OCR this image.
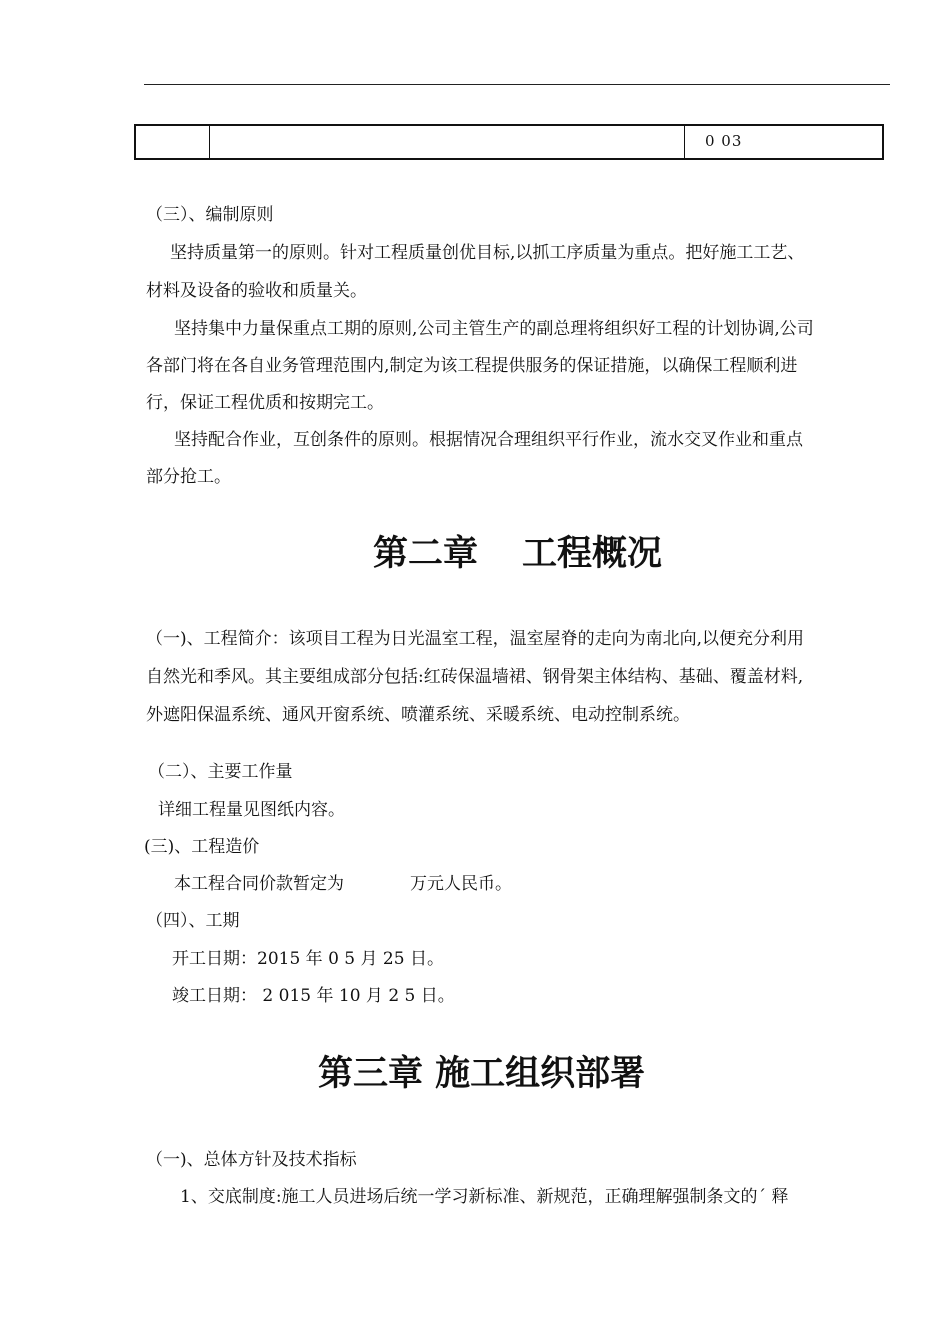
0 03
（三）、编制原则
坚持质量第一的原则。针对工程质量创优目标,以抓工序质量为重点。把好施工工艺、
材料及设备的验收和质量关。
坚持集中力量保重点工期的原则,公司主管生产的副总理将组织好工程的计划协调,公司
各部门将在各自业务管理范围内,制定为该工程提供服务的保证措施，以确保工程顺利进
行，保证工程优质和按期完工。
坚持配合作业，互创条件的原则。根据情况合理组织平行作业，流水交叉作业和重点
部分抢工。
第二章 工程概况
（一)、工程简介：该项目工程为日光温室工程，温室屋脊的走向为南北向,以便充分利用
自然光和季风。其主要组成部分包括:红砖保温墙裙、钢骨架主体结构、基础、覆盖材料,
外遮阳保温系统、通风开窗系统、喷灌系统、采暖系统、电动控制系统。
（二）、主要工作量
详细工程量见图纸内容。
(三)、工程造价
本工程合同价款暂定为	万元人民币。
（四）、工期
开工日期：2015 年 0 5 月 25 日。
竣工日期： 2 015 年 10 月 2 5 日。
第三章 施工组织部署
（一)、总体方针及技术指标
1、交底制度:施工人员进场后统一学习新标准、新规范，正确理解强制条文的´ 释
